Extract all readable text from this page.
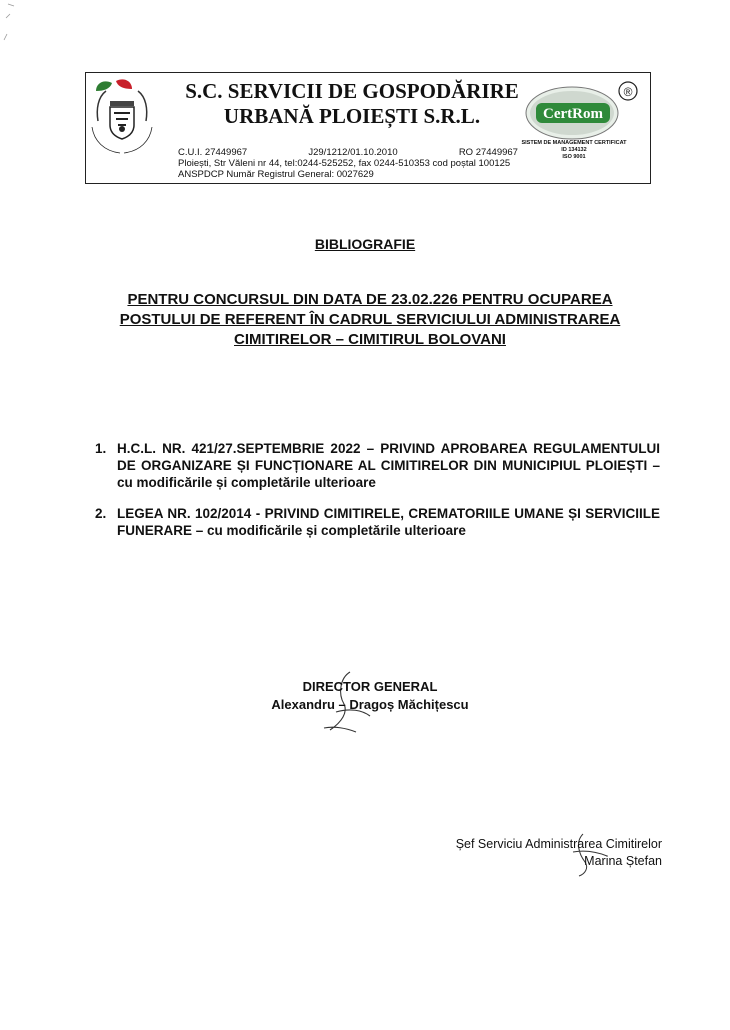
S.C. SERVICII DE GOSPODĂRIRE
URBANĂ PLOIEȘTI S.R.L.	CertRom
®
SISTEM DE MANAGEMENT CERTIFICAT
ID 134132
ISO 9001
C.U.I. 27449967	J29/1212/01.10.2010	RO 27449967
Ploiești, Str Văleni nr 44, tel:0244-525252, fax 0244-510353 cod poștal 100125
ANSPDCP Număr Registrul General: 0027629
BIBLIOGRAFIE
PENTRU CONCURSUL DIN DATA DE 23.02.226 PENTRU OCUPAREA
POSTULUI DE REFERENT ÎN CADRUL SERVICIULUI ADMINISTRAREA
CIMITIRELOR – CIMITIRUL BOLOVANI
1. H.C.L. NR. 421/27.SEPTEMBRIE 2022 – PRIVIND APROBAREA REGULAMENTULUI DE ORGANIZARE ȘI FUNCȚIONARE AL CIMITIRELOR DIN MUNICIPIUL PLOIEȘTI – cu modificările și completările ulterioare
2. LEGEA NR. 102/2014 - PRIVIND CIMITIRELE, CREMATORIILE UMANE ȘI SERVICIILE FUNERARE – cu modificările și completările ulterioare
DIRECTOR GENERAL
Alexandru – Dragoș Măchițescu
Șef Serviciu Administrarea Cimitirelor
Marina Ștefan
